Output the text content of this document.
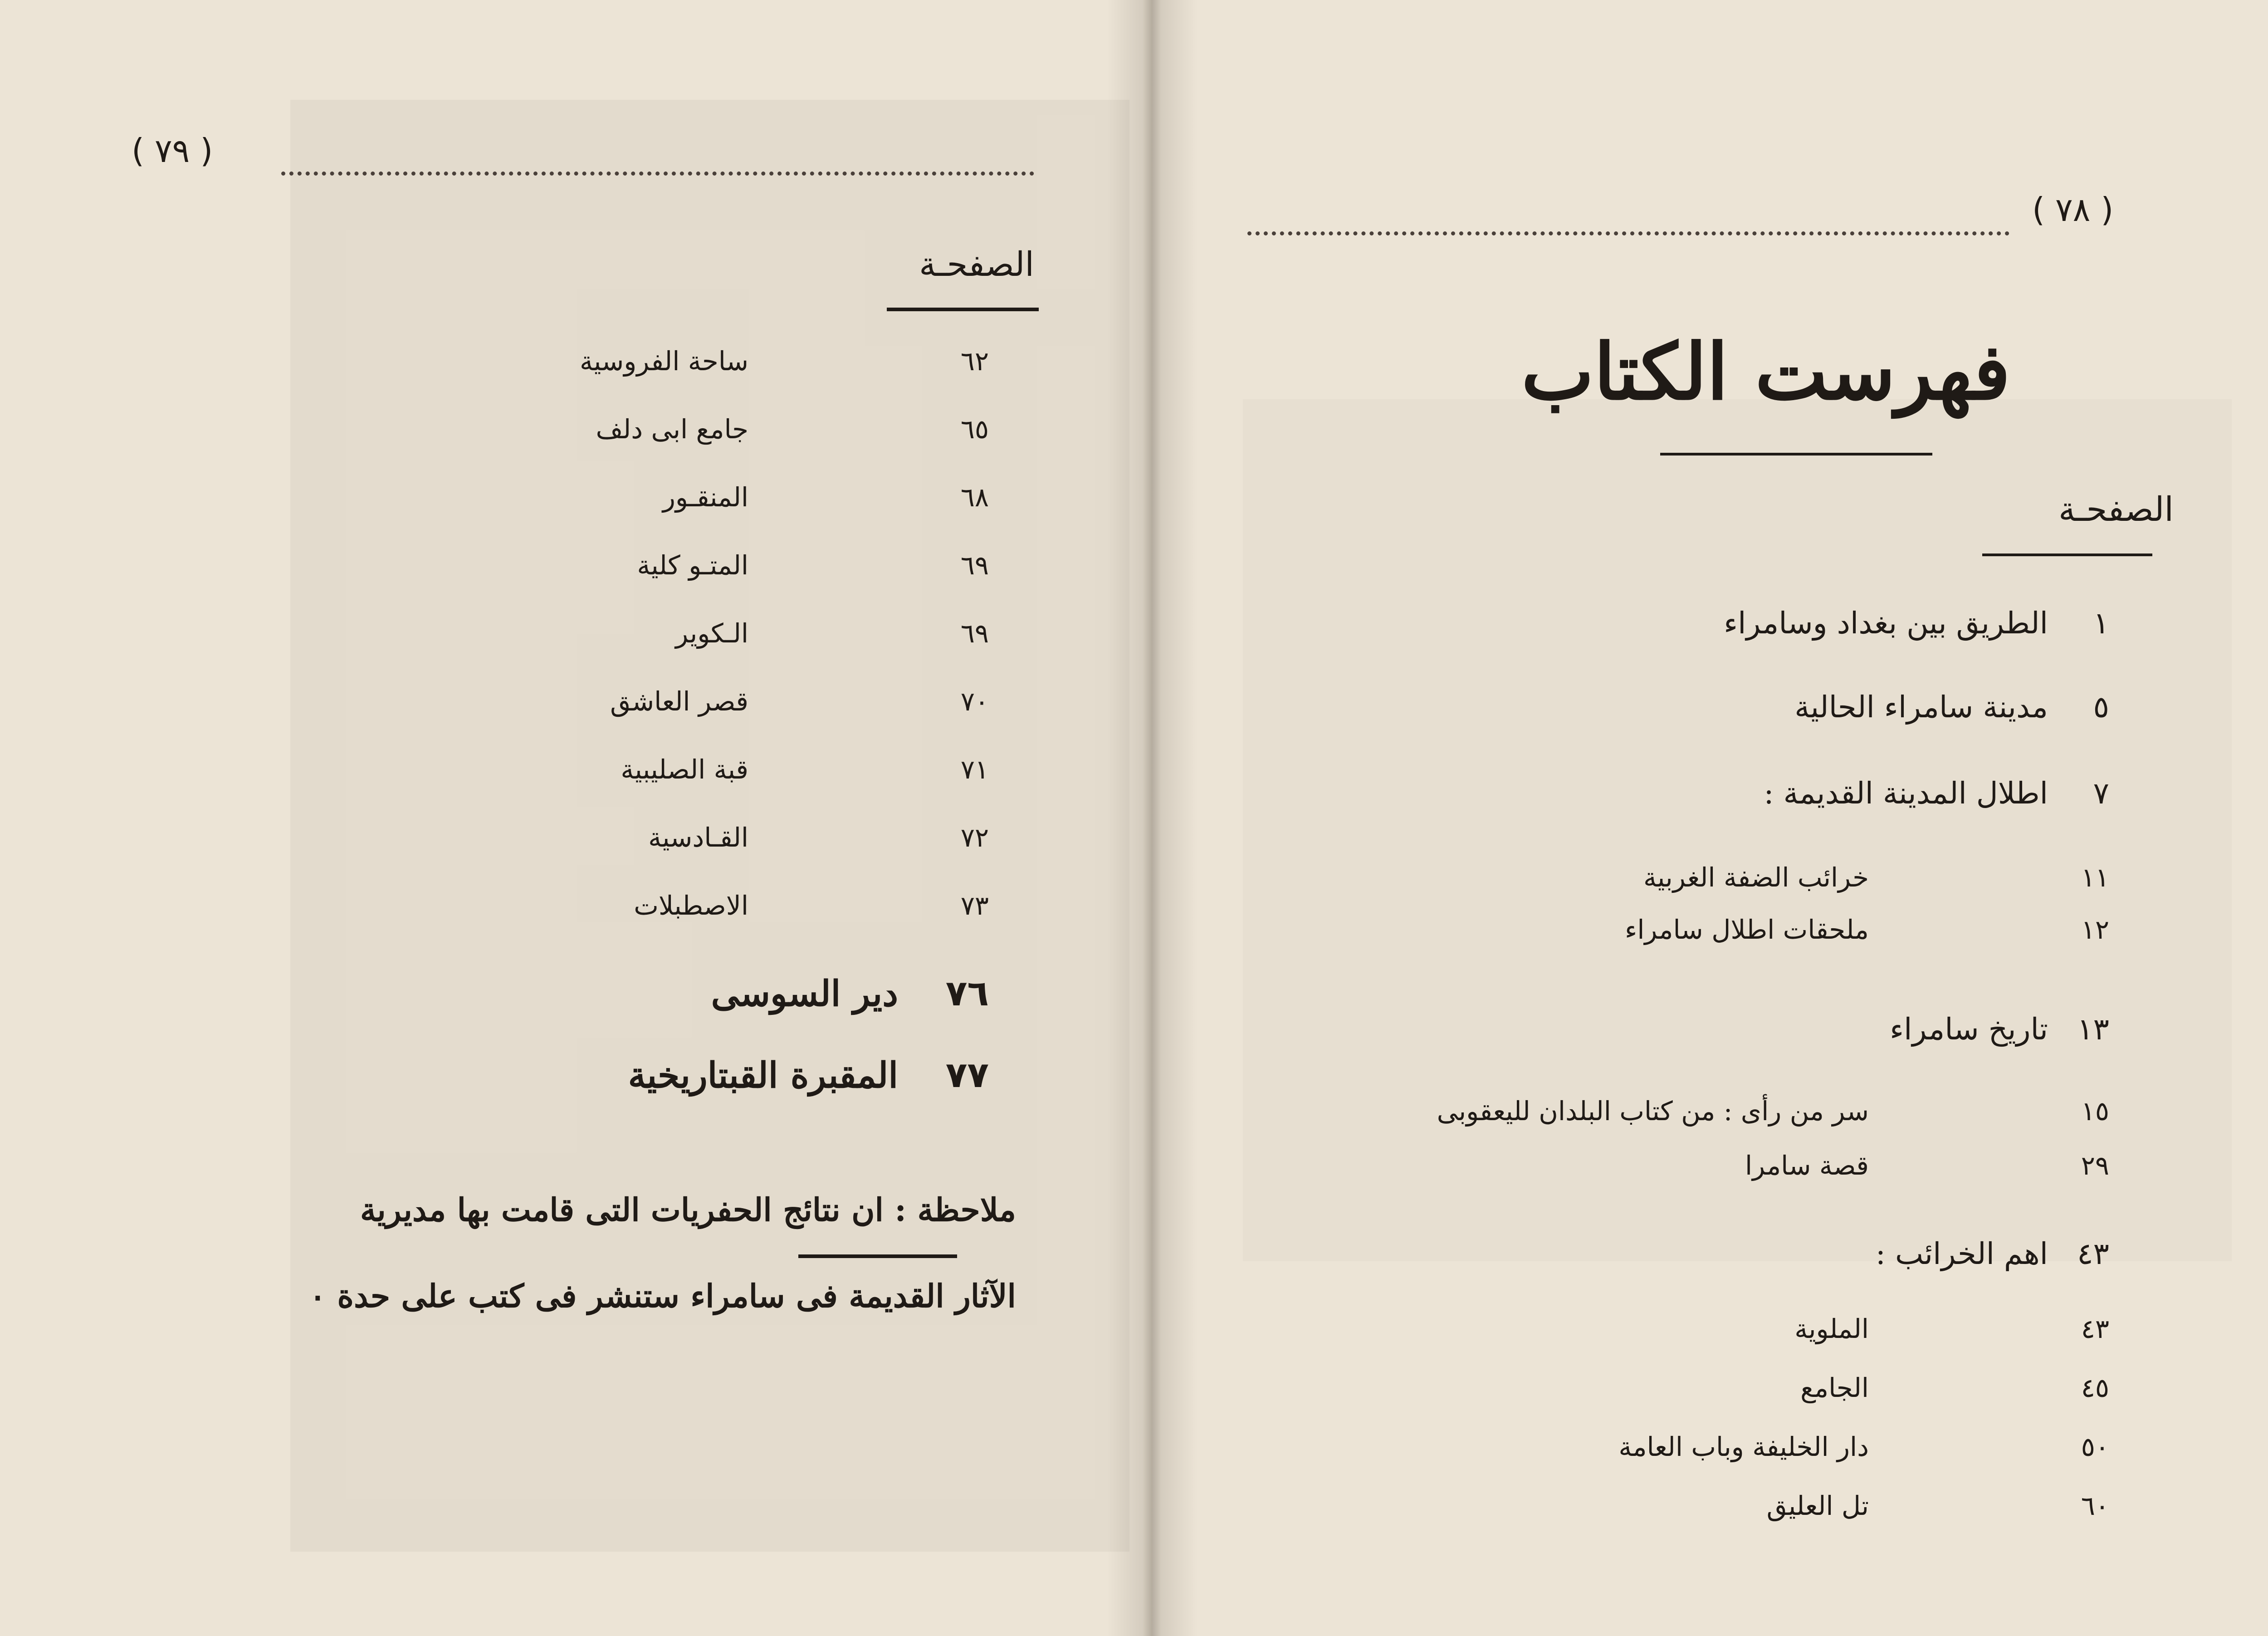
( ٧٩ )
الصفحـة
٦٢
ساحة الفروسية
٦٥
جامع ابى دلف
٦٨
المنقـور
٦٩
المتـو كلية
٦٩
الـكوير
٧٠
قصر العاشق
٧١
قبة الصليبية
٧٢
القـادسية
٧٣
الاصطبلات
٧٦
دير السوسى
٧٧
المقبرة القبتاريخية
ملاحظة : ان نتائج الحفريات التى قامت بها مديرية
الآثار القديمة فى سامراء ستنشر فى كتب على حدة ٠
( ٧٨ )
فهرست الكتاب
الصفحـة
١
الطريق بين بغداد وسامراء
٥
مدينة سامراء الحالية
٧
اطلال المدينة القديمة :
١١
خرائب الضفة الغربية
١٢
ملحقات اطلال سامراء
١٣
تاريخ سامراء
١٥
سر من رأى : من كتاب البلدان لليعقوبى
٢٩
قصة سامرا
٤٣
اهم الخرائب :
٤٣
الملوية
٤٥
الجامع
٥٠
دار الخليفة وباب العامة
٦٠
تل العليق
